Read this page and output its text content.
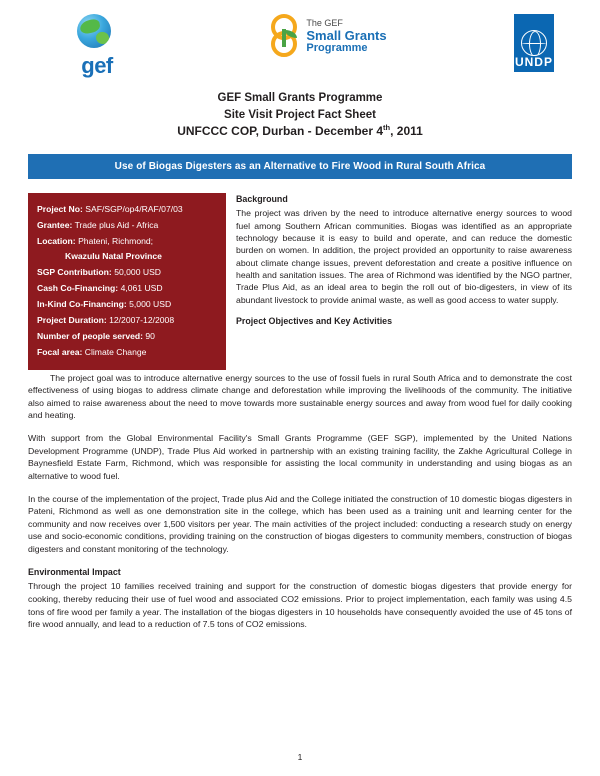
gef
The GEF
Small Grants
Programme
UNDP
GEF Small Grants Programme
Site Visit Project Fact Sheet
UNFCCC COP, Durban - December 4th, 2011
Use of Biogas Digesters as an Alternative to Fire Wood in Rural South Africa
Project No: SAF/SGP/op4/RAF/07/03
Grantee: Trade plus Aid - Africa
Location: Phateni, Richmond;
Kwazulu Natal Province
SGP Contribution: 50,000 USD
Cash Co-Financing: 4,061 USD
In-Kind Co-Financing: 5,000 USD
Project Duration: 12/2007-12/2008
Number of people served: 90
Focal area: Climate Change
Background

The project was driven by the need to introduce alternative energy sources to wood fuel among Southern African communities. Biogas was identified as an appropriate technology because it is easy to build and operate, and can reduce the domestic burden on women. In addition, the project provided an opportunity to raise awareness about climate change issues, prevent deforestation and create a positive influence on health and sanitation issues. The area of Richmond was identified by the NGO partner, Trade Plus Aid, as an ideal area to begin the roll out of bio-digesters, in view of its abundant livestock to provide animal waste, as well as good access to water supply.

Project Objectives and Key Activities

The project goal was to introduce alternative energy sources to the use of fossil fuels in rural South Africa and to demonstrate the cost effectiveness of using biogas to address climate change and deforestation while improving the livelihoods of the community. The initiative also aimed to raise awareness about the need to move towards more sustainable energy sources and away from wood fuel for daily cooking and heating.

With support from the Global Environmental Facility's Small Grants Programme (GEF SGP), implemented by the United Nations Development Programme (UNDP), Trade Plus Aid worked in partnership with an existing training facility, the Zakhe Agricultural College in Baynesfield Estate Farm, Richmond, which was responsible for assisting the local community in understanding and using biogas as an alternative to wood fuel.

In the course of the implementation of the project, Trade plus Aid and the College initiated the construction of 10 domestic biogas digesters in Pateni, Richmond as well as one demonstration site in the college, which has been used as a training unit and learning center for the community and now receives over 1,500 visitors per year. The main activities of the project included: conducting a research study on energy use and socio-economic conditions, providing training on the construction of biogas digesters to community members, construction of biogas digesters and constant monitoring of the technology.

Environmental Impact

Through the project 10 families received training and support for the construction of domestic biogas digesters that provide energy for cooking, thereby reducing their use of fuel wood and associated CO2 emissions. Prior to project implementation, each family was using 4.5 tons of fire wood per family a year. The installation of the biogas digesters in 10 households have consequently avoided the use of 45 tons of fire wood annually, and lead to a reduction of 7.5 tons of CO2 emissions.

1
